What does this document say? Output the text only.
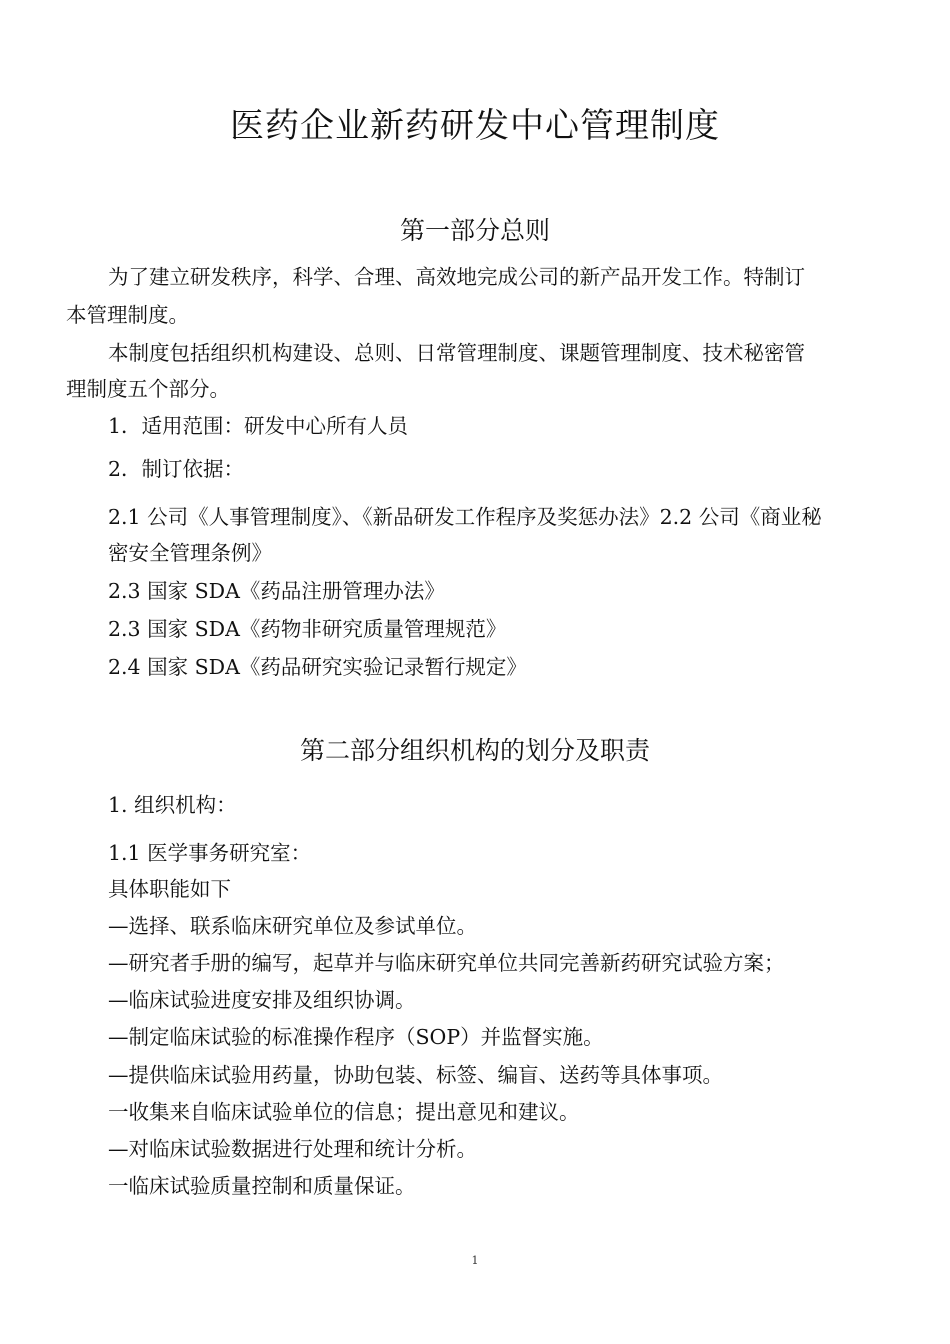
医药企业新药研发中心管理制度
第一部分总则
为了建立研发秩序，科学、合理、高效地完成公司的新产品开发工作。特制订
本管理制度。
本制度包括组织机构建设、总则、日常管理制度、课题管理制度、技术秘密管
理制度五个部分。
1．适用范围：研发中心所有人员
2．制订依据：
2.1 公司《人事管理制度》、《新品研发工作程序及奖惩办法》2.2 公司《商业秘
密安全管理条例》
2.3 国家 SDA《药品注册管理办法》
2.3 国家 SDA《药物非研究质量管理规范》
2.4 国家 SDA《药品研究实验记录暂行规定》
第二部分组织机构的划分及职责
1. 组织机构：
1.1 医学事务研究室：
具体职能如下
—选择、联系临床研究单位及参试单位。
—研究者手册的编写，起草并与临床研究单位共同完善新药研究试验方案；
—临床试验进度安排及组织协调。
—制定临床试验的标准操作程序（SOP）并监督实施。
—提供临床试验用药量，协助包装、标签、编盲、送药等具体事项。
一收集来自临床试验单位的信息；提出意见和建议。
—对临床试验数据进行处理和统计分析。
一临床试验质量控制和质量保证。
1
